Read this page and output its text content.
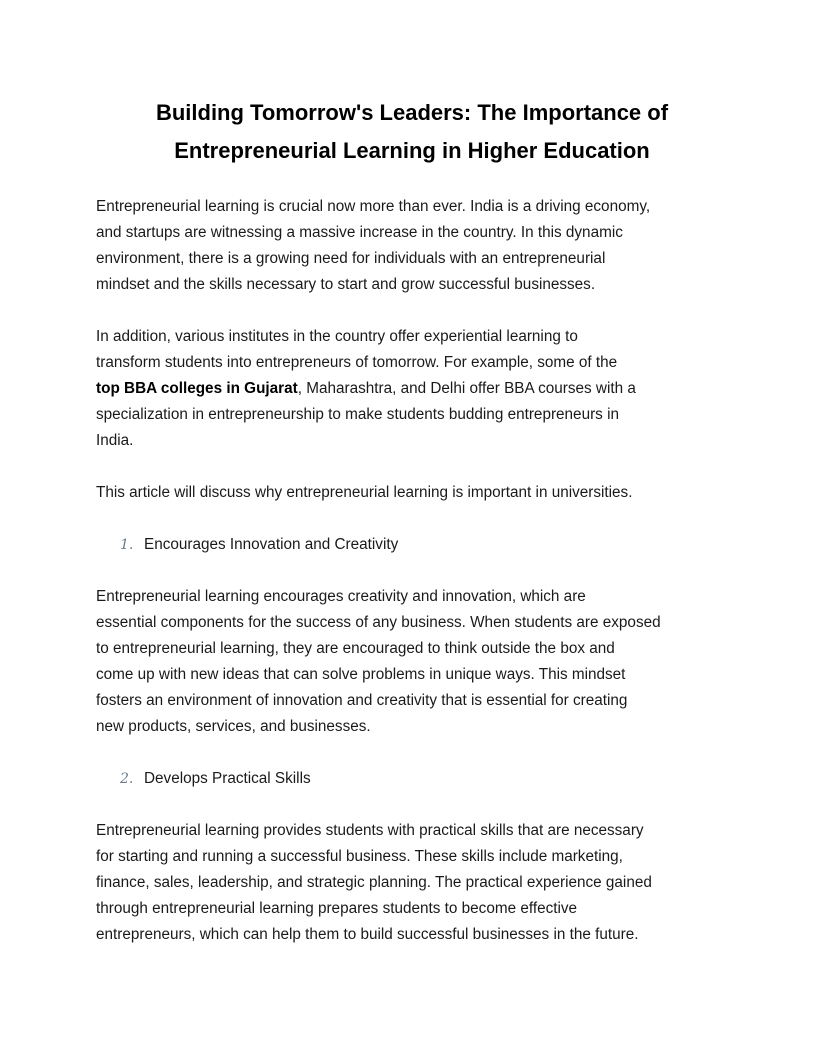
Building Tomorrow's Leaders: The Importance of
Entrepreneurial Learning in Higher Education

Entrepreneurial learning is crucial now more than ever. India is a driving economy,
and startups are witnessing a massive increase in the country. In this dynamic
environment, there is a growing need for individuals with an entrepreneurial
mindset and the skills necessary to start and grow successful businesses.

In addition, various institutes in the country offer experiential learning to
transform students into entrepreneurs of tomorrow. For example, some of the
top BBA colleges in Gujarat, Maharashtra, and Delhi offer BBA courses with a
specialization in entrepreneurship to make students budding entrepreneurs in
India.

This article will discuss why entrepreneurial learning is important in universities.

1. Encourages Innovation and Creativity

Entrepreneurial learning encourages creativity and innovation, which are
essential components for the success of any business. When students are exposed
to entrepreneurial learning, they are encouraged to think outside the box and
come up with new ideas that can solve problems in unique ways. This mindset
fosters an environment of innovation and creativity that is essential for creating
new products, services, and businesses.

2. Develops Practical Skills

Entrepreneurial learning provides students with practical skills that are necessary
for starting and running a successful business. These skills include marketing,
finance, sales, leadership, and strategic planning. The practical experience gained
through entrepreneurial learning prepares students to become effective
entrepreneurs, which can help them to build successful businesses in the future.
